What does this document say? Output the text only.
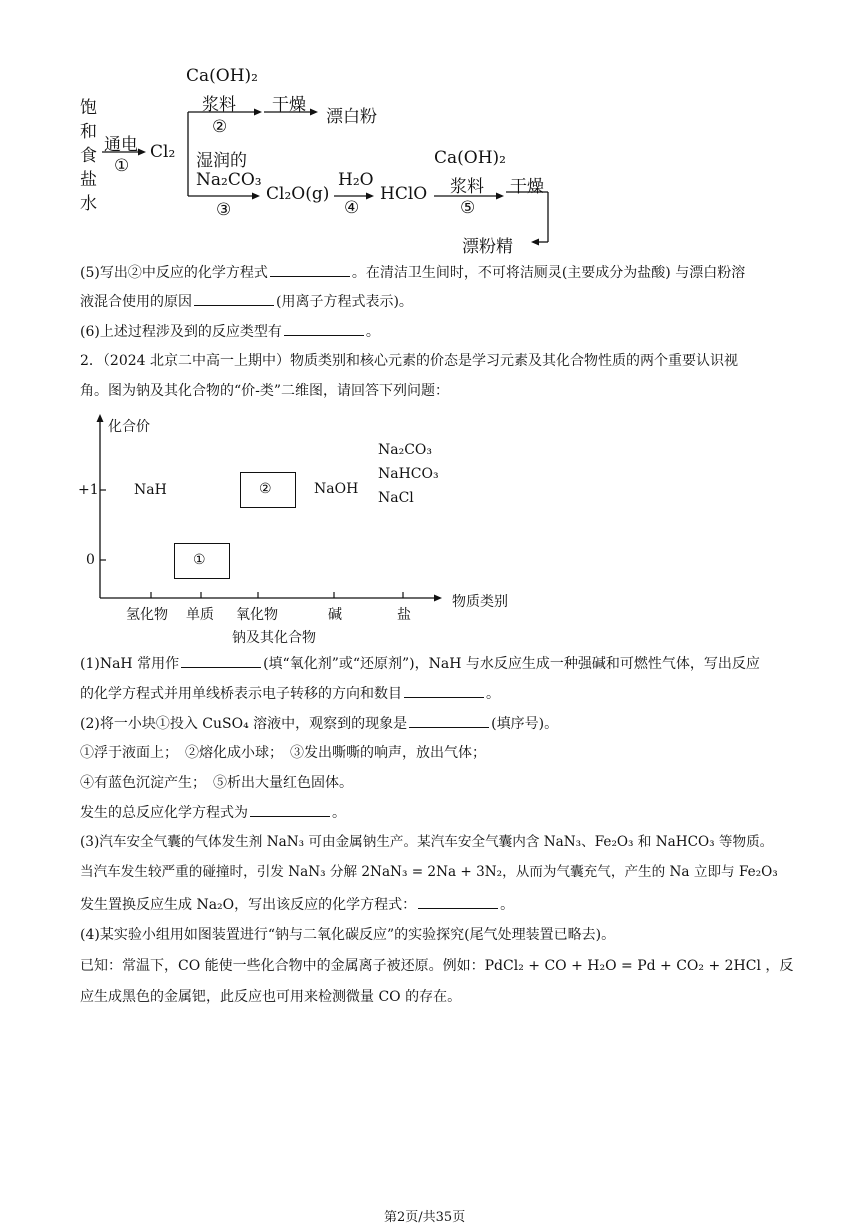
饱
和
食
盐
水
通电
①
Cl₂
Ca(OH)₂
浆料
②
干燥
漂白粉
湿润的
Na₂CO₃
③
Cl₂O(g)
H₂O
④
HClO
Ca(OH)₂
浆料
⑤
干燥
漂粉精
(5)写出②中反应的化学方程式	。在清洁卫生间时，不可将洁厕灵(主要成分为盐酸) 与漂白粉溶
液混合使用的原因	(用离子方程式表示)。
(6)上述过程涉及到的反应类型有	。
2．（2024 北京二中高一上期中）物质类别和核心元素的价态是学习元素及其化合物性质的两个重要认识视
角。图为钠及其化合物的“价-类”二维图，请回答下列问题：
化合价
+1
0
氢化物 单质 氧化物	碱	盐
物质类别
钠及其化合物
NaH	②	NaOH
Na₂CO₃
NaHCO₃
NaCl
①
(1)NaH 常用作	(填“氧化剂”或“还原剂”)，NaH 与水反应生成一种强碱和可燃性气体，写出反应
的化学方程式并用单线桥表示电子转移的方向和数目	。
(2)将一小块①投入 CuSO₄ 溶液中，观察到的现象是	(填序号)。
①浮于液面上；　②熔化成小球；　③发出嘶嘶的响声，放出气体；
④有蓝色沉淀产生；　⑤析出大量红色固体。
发生的总反应化学方程式为	。
(3)汽车安全气囊的气体发生剂 NaN₃ 可由金属钠生产。某汽车安全气囊内含 NaN₃、Fe₂O₃ 和 NaHCO₃ 等物质。
当汽车发生较严重的碰撞时，引发 NaN₃ 分解 2NaN₃ = 2Na + 3N₂，从而为气囊充气，产生的 Na 立即与 Fe₂O₃
发生置换反应生成 Na₂O，写出该反应的化学方程式：	。
(4)某实验小组用如图装置进行“钠与二氧化碳反应”的实验探究(尾气处理装置已略去)。
已知：常温下，CO 能使一些化合物中的金属离子被还原。例如：PdCl₂ + CO + H₂O = Pd + CO₂ + 2HCl ，反
应生成黑色的金属钯，此反应也可用来检测微量 CO 的存在。
第2页/共35页
